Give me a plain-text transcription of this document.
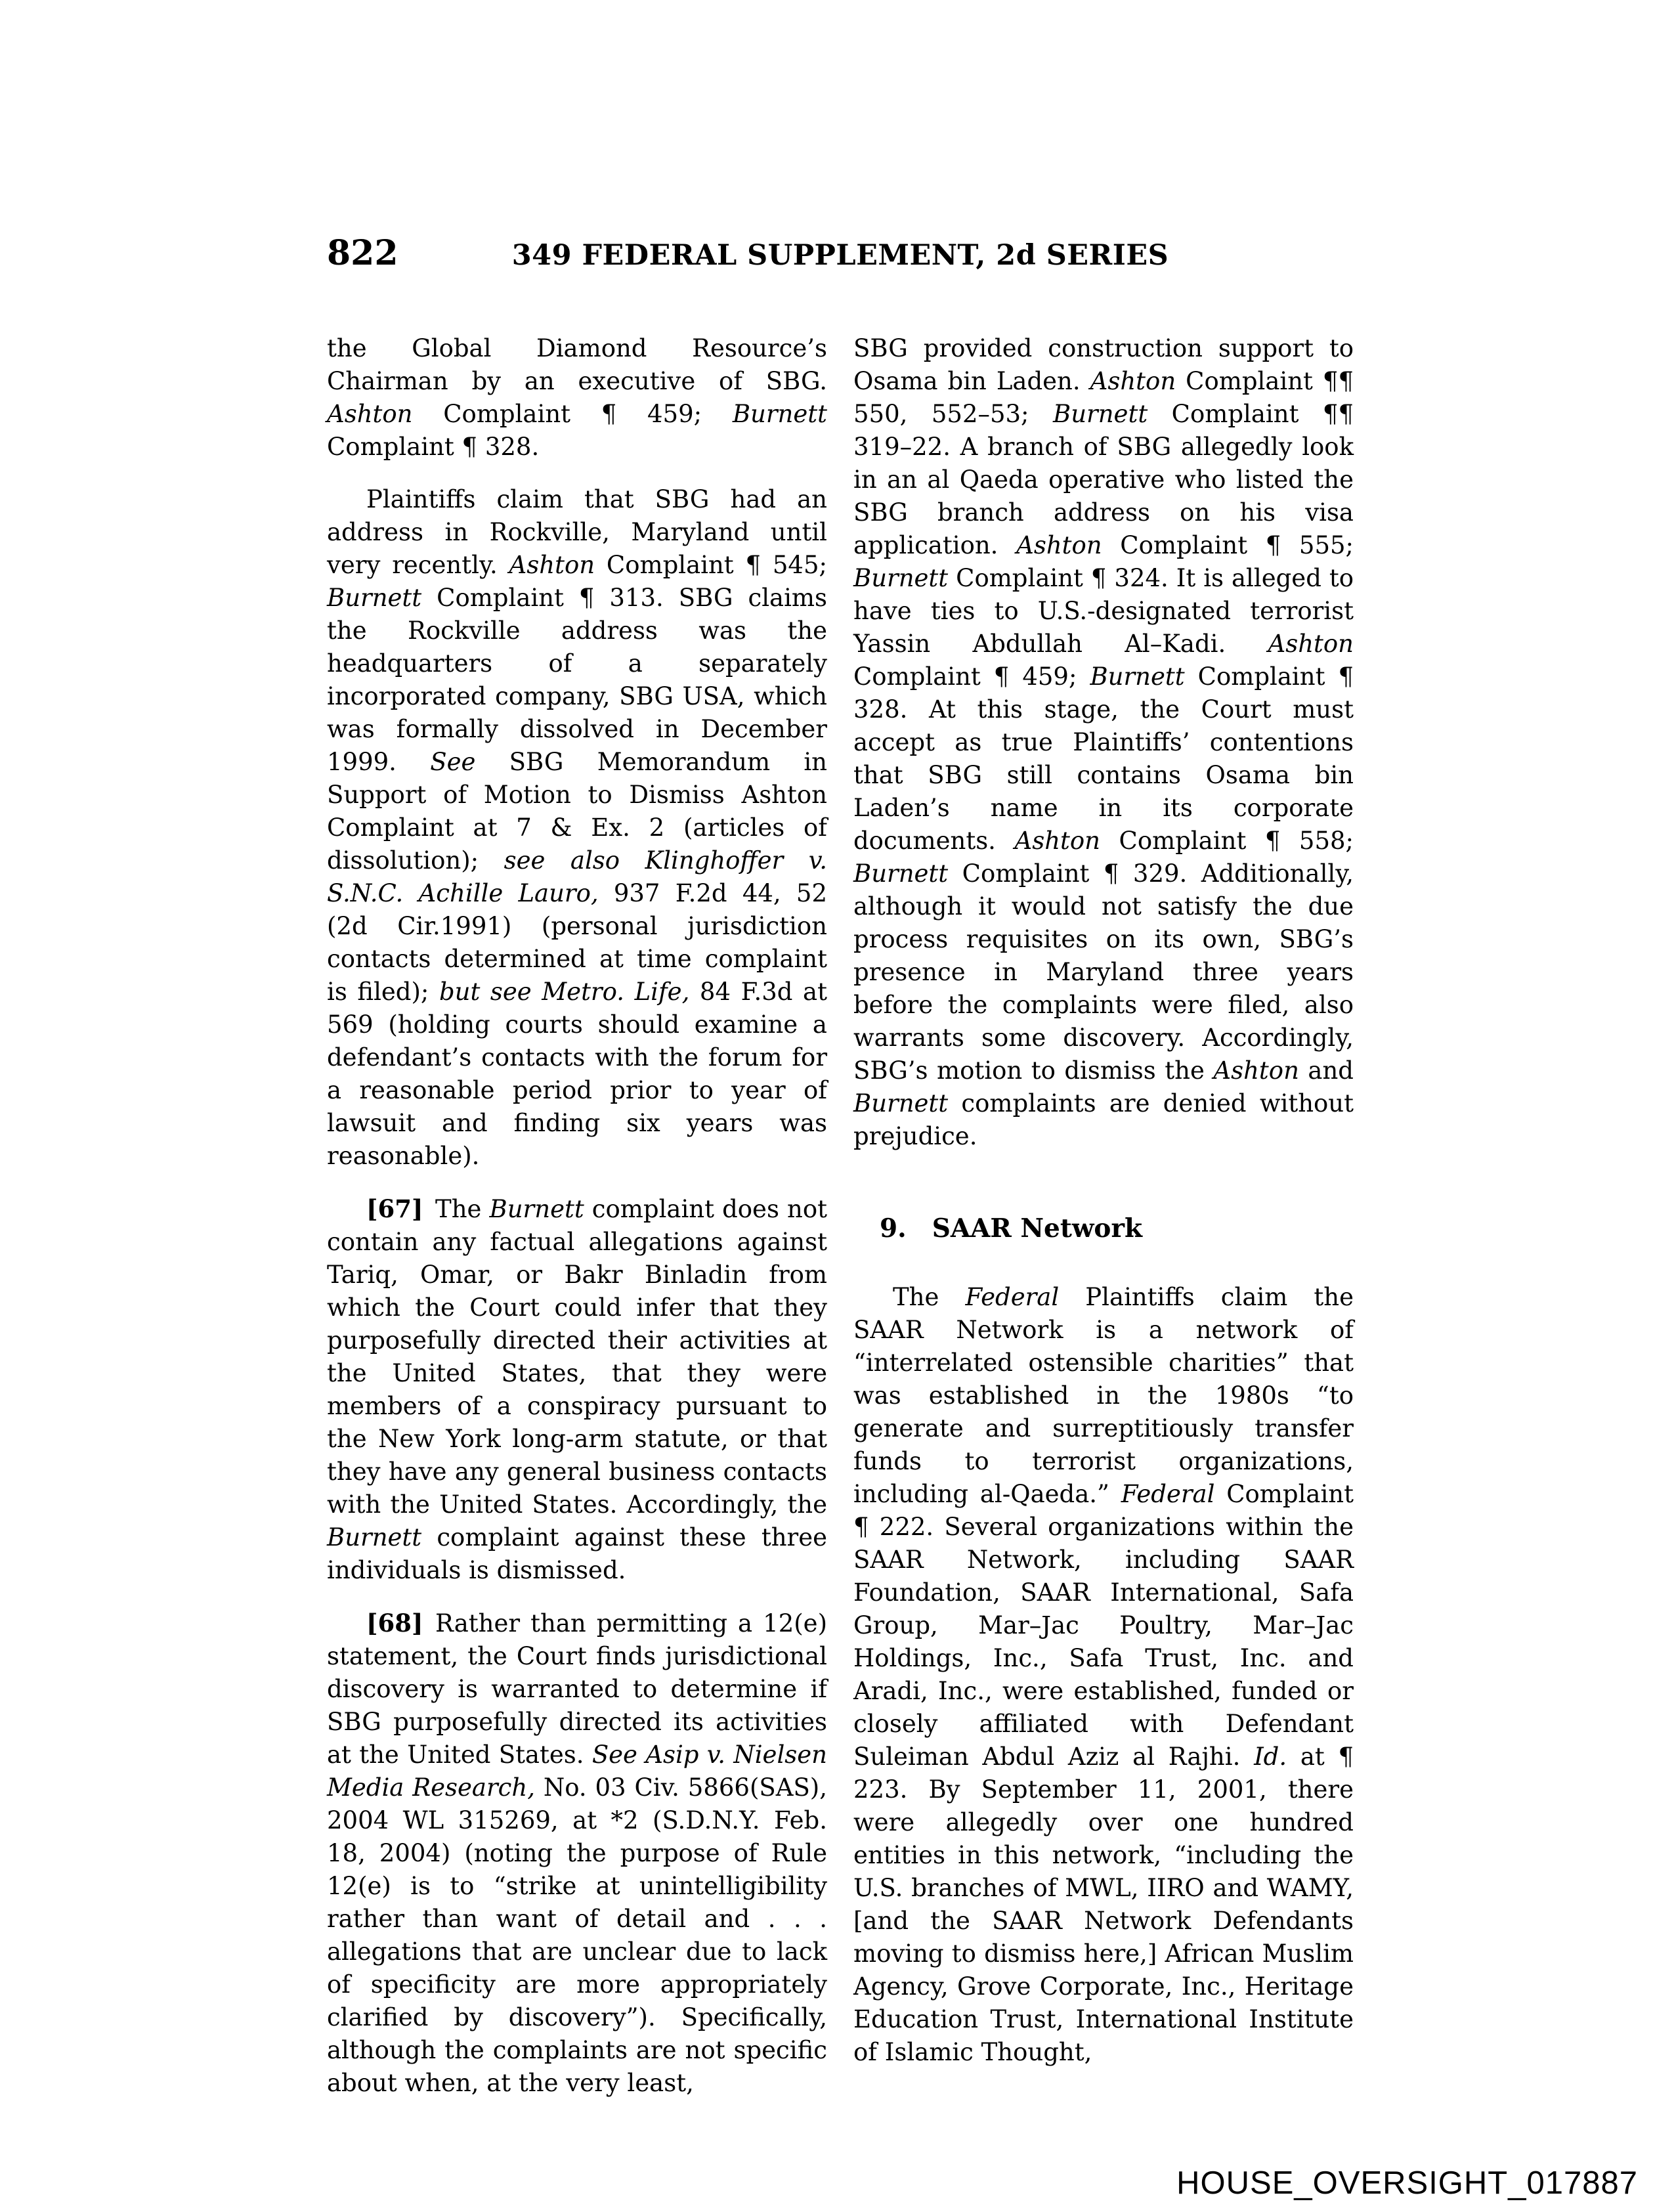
822	349 FEDERAL SUPPLEMENT, 2d SERIES

the Global Diamond Resource’s Chairman by an executive of SBG. Ashton Complaint ¶ 459; Burnett Complaint ¶ 328.

Plaintiffs claim that SBG had an address in Rockville, Maryland until very recently. Ashton Complaint ¶ 545; Burnett Complaint ¶ 313. SBG claims the Rockville address was the headquarters of a separately incorporated company, SBG USA, which was formally dissolved in December 1999. See SBG Memorandum in Support of Motion to Dismiss Ashton Complaint at 7 & Ex. 2 (articles of dissolution); see also Klinghoffer v. S.N.C. Achille Lauro, 937 F.2d 44, 52 (2d Cir.1991) (personal jurisdiction contacts determined at time complaint is filed); but see Metro. Life, 84 F.3d at 569 (holding courts should examine a defendant’s contacts with the forum for a reasonable period prior to year of lawsuit and finding six years was reasonable).

[67] The Burnett complaint does not contain any factual allegations against Tariq, Omar, or Bakr Binladin from which the Court could infer that they purposefully directed their activities at the United States, that they were members of a conspiracy pursuant to the New York long-arm statute, or that they have any general business contacts with the United States. Accordingly, the Burnett complaint against these three individuals is dismissed.

[68] Rather than permitting a 12(e) statement, the Court finds jurisdictional discovery is warranted to determine if SBG purposefully directed its activities at the United States. See Asip v. Nielsen Media Research, No. 03 Civ. 5866(SAS), 2004 WL 315269, at *2 (S.D.N.Y. Feb. 18, 2004) (noting the purpose of Rule 12(e) is to “strike at unintelligibility rather than want of detail and . . . allegations that are unclear due to lack of specificity are more appropriately clarified by discovery”). Specifically, although the complaints are not specific about when, at the very least,

SBG provided construction support to Osama bin Laden. Ashton Complaint ¶¶ 550, 552–53; Burnett Complaint ¶¶ 319–22. A branch of SBG allegedly look in an al Qaeda operative who listed the SBG branch address on his visa application. Ashton Complaint ¶ 555; Burnett Complaint ¶ 324. It is alleged to have ties to U.S.-designated terrorist Yassin Abdullah Al–Kadi. Ashton Complaint ¶ 459; Burnett Complaint ¶ 328. At this stage, the Court must accept as true Plaintiffs’ contentions that SBG still contains Osama bin Laden’s name in its corporate documents. Ashton Complaint ¶ 558; Burnett Complaint ¶ 329. Additionally, although it would not satisfy the due process requisites on its own, SBG’s presence in Maryland three years before the complaints were filed, also warrants some discovery. Accordingly, SBG’s motion to dismiss the Ashton and Burnett complaints are denied without prejudice.

9. SAAR Network

The Federal Plaintiffs claim the SAAR Network is a network of “interrelated ostensible charities” that was established in the 1980s “to generate and surreptitiously transfer funds to terrorist organizations, including al-Qaeda.” Federal Complaint ¶ 222. Several organizations within the SAAR Network, including SAAR Foundation, SAAR International, Safa Group, Mar–Jac Poultry, Mar–Jac Holdings, Inc., Safa Trust, Inc. and Aradi, Inc., were established, funded or closely affiliated with Defendant Suleiman Abdul Aziz al Rajhi. Id. at ¶ 223. By September 11, 2001, there were allegedly over one hundred entities in this network, “including the U.S. branches of MWL, IIRO and WAMY, [and the SAAR Network Defendants moving to dismiss here,] African Muslim Agency, Grove Corporate, Inc., Heritage Education Trust, International Institute of Islamic Thought,

HOUSE_OVERSIGHT_017887
